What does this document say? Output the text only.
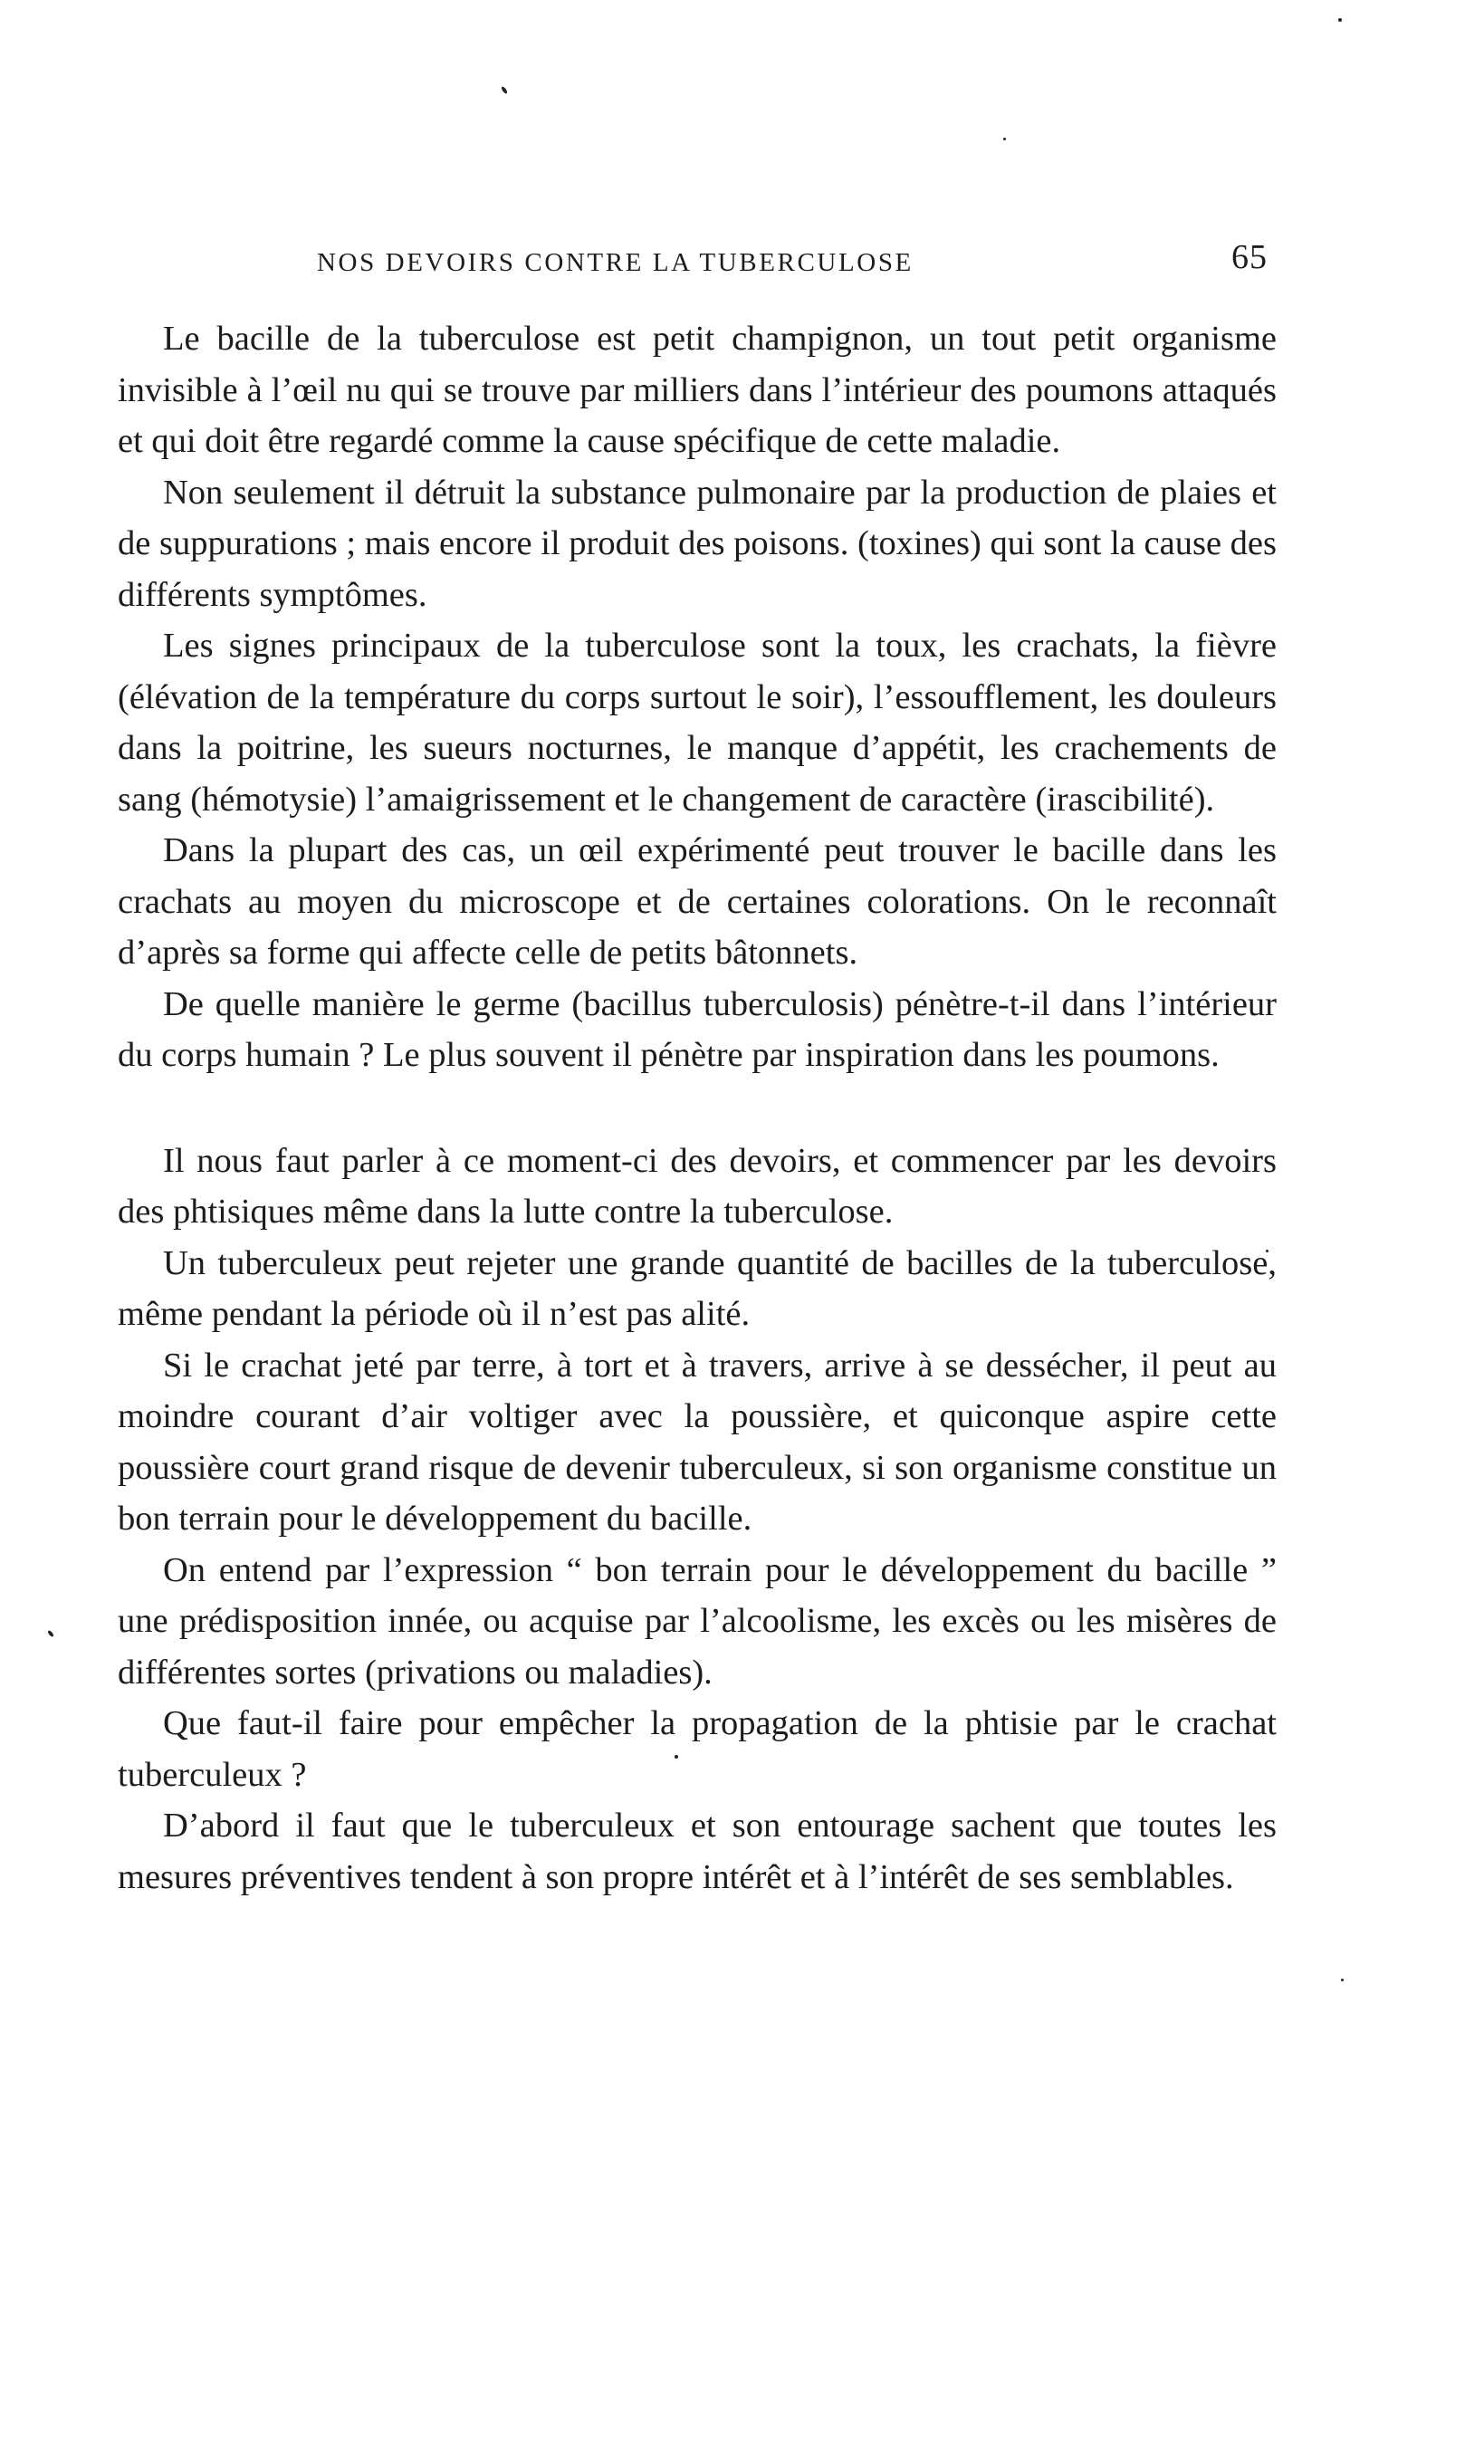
NOS DEVOIRS CONTRE LA TUBERCULOSE	65

Le bacille de la tuberculose est petit champignon, un tout petit organisme invisible à l’œil nu qui se trouve par milliers dans l’intérieur des poumons attaqués et qui doit être regardé comme la cause spécifique de cette maladie.

Non seulement il détruit la substance pulmonaire par la production de plaies et de suppurations ; mais encore il produit des poisons. (toxines) qui sont la cause des différents symptômes.

Les signes principaux de la tuberculose sont la toux, les crachats, la fièvre (élévation de la température du corps surtout le soir), l’essoufflement, les douleurs dans la poitrine, les sueurs nocturnes, le manque d’appétit, les crachements de sang (hémotysie) l’amaigrissement et le changement de caractère (irascibilité).

Dans la plupart des cas, un œil expérimenté peut trouver le bacille dans les crachats au moyen du microscope et de certaines colorations. On le reconnaît d’après sa forme qui affecte celle de petits bâtonnets.

De quelle manière le germe (bacillus tuberculosis) pénètre-t-il dans l’intérieur du corps humain ? Le plus souvent il pénètre par inspiration dans les poumons.

Il nous faut parler à ce moment-ci des devoirs, et commencer par les devoirs des phtisiques même dans la lutte contre la tuberculose.

Un tuberculeux peut rejeter une grande quantité de bacilles de la tuberculose, même pendant la période où il n’est pas alité.

Si le crachat jeté par terre, à tort et à travers, arrive à se dessécher, il peut au moindre courant d’air voltiger avec la poussière, et quiconque aspire cette poussière court grand risque de devenir tuberculeux, si son organisme constitue un bon terrain pour le développement du bacille.

On entend par l’expression “ bon terrain pour le développement du bacille ” une prédisposition innée, ou acquise par l’alcoolisme, les excès ou les misères de différentes sortes (privations ou maladies).

Que faut-il faire pour empêcher la propagation de la phtisie par le crachat tuberculeux ?

D’abord il faut que le tuberculeux et son entourage sachent que toutes les mesures préventives tendent à son propre intérêt et à l’intérêt de ses semblables.
